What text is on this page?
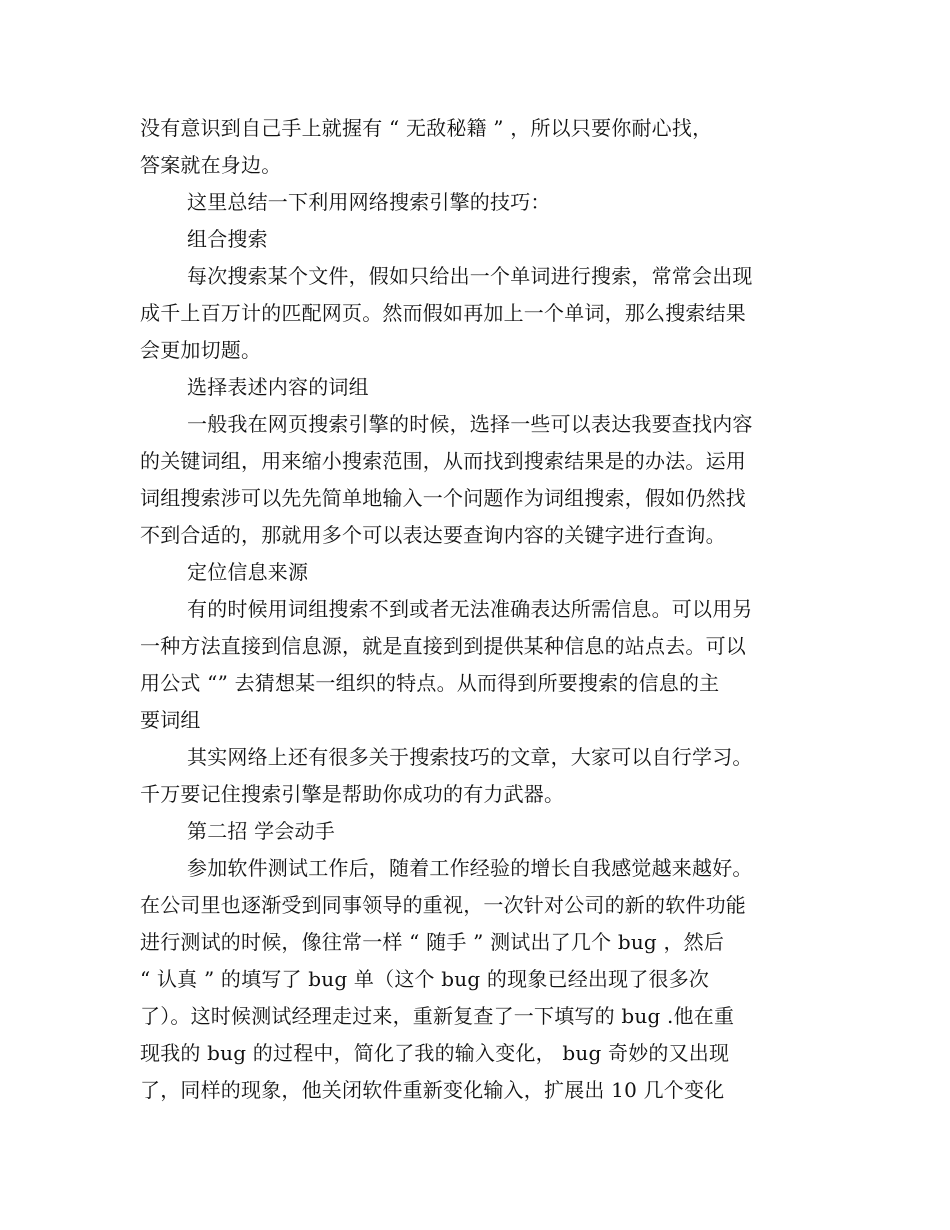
没有意识到自己手上就握有 “ 无敌秘籍 ” ，所以只要你耐心找，
答案就在身边。
这里总结一下利用网络搜索引擎的技巧：
组合搜索
每次搜索某个文件，假如只给出一个单词进行搜索，常常会出现
成千上百万计的匹配网页。然而假如再加上一个单词，那么搜索结果
会更加切题。
选择表述内容的词组
一般我在网页搜索引擎的时候，选择一些可以表达我要查找内容
的关键词组，用来缩小搜索范围，从而找到搜索结果是的办法。运用
词组搜索涉可以先先简单地输入一个问题作为词组搜索，假如仍然找
不到合适的，那就用多个可以表达要查询内容的关键字进行查询。
定位信息来源
有的时候用词组搜索不到或者无法准确表达所需信息。可以用另
一种方法直接到信息源，就是直接到到提供某种信息的站点去。可以
用公式 “” 去猜想某一组织的特点。从而得到所要搜索的信息的主
要词组
其实网络上还有很多关于搜索技巧的文章，大家可以自行学习。
千万要记住搜索引擎是帮助你成功的有力武器。
第二招 学会动手
参加软件测试工作后，随着工作经验的增长自我感觉越来越好。
在公司里也逐渐受到同事领导的重视，一次针对公司的新的软件功能
进行测试的时候，像往常一样 “ 随手 ” 测试出了几个 bug ，然后
“ 认真 ” 的填写了 bug 单（这个 bug 的现象已经出现了很多次
了）。这时候测试经理走过来，重新复查了一下填写的 bug .他在重
现我的 bug 的过程中，简化了我的输入变化， bug 奇妙的又出现
了，同样的现象，他关闭软件重新变化输入，扩展出 10 几个变化
